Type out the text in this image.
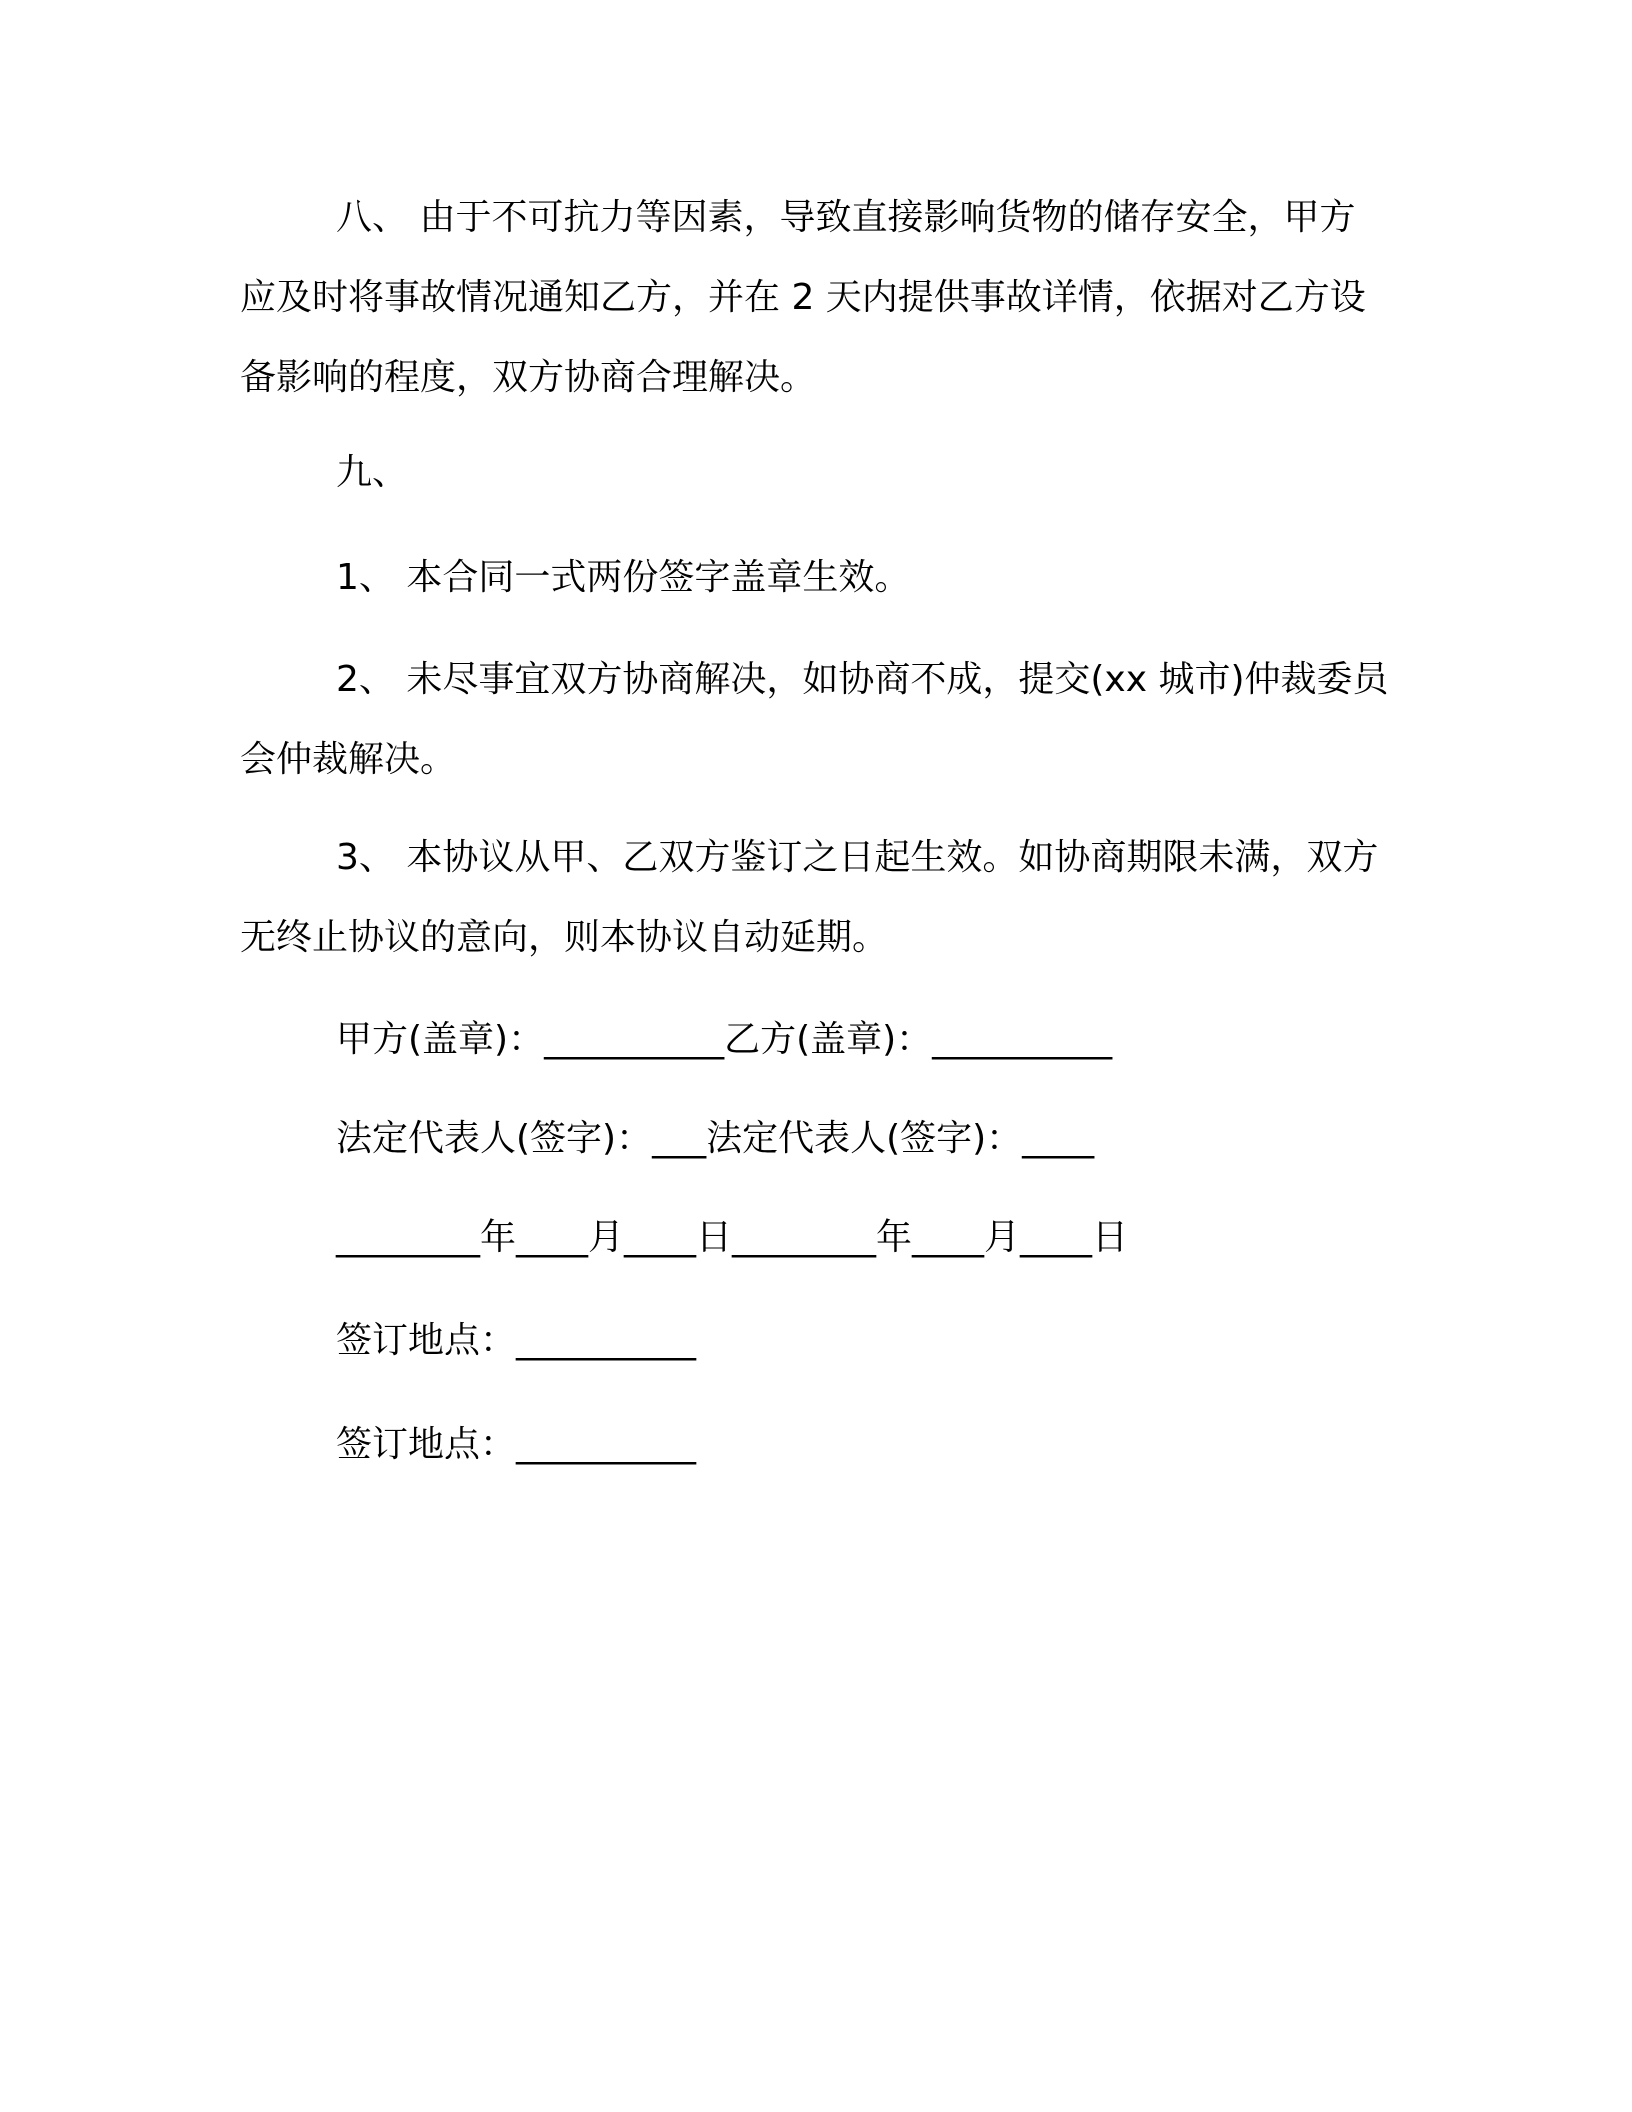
八、 由于不可抗力等因素，导致直接影响货物的储存安全，甲方应及时将事故情况通知乙方，并在 2 天内提供事故详情，依据对乙方设备影响的程度，双方协商合理解决。
九、
1、 本合同一式两份签字盖章生效。
2、 未尽事宜双方协商解决，如协商不成，提交(xx 城市)仲裁委员会仲裁解决。
3、 本协议从甲、乙双方鉴订之日起生效。如协商期限未满，双方无终止协议的意向，则本协议自动延期。
甲方(盖章)：__________乙方(盖章)：__________
法定代表人(签字)：___法定代表人(签字)：____
________年____月____日________年____月____日
签订地点：__________
签订地点：__________
